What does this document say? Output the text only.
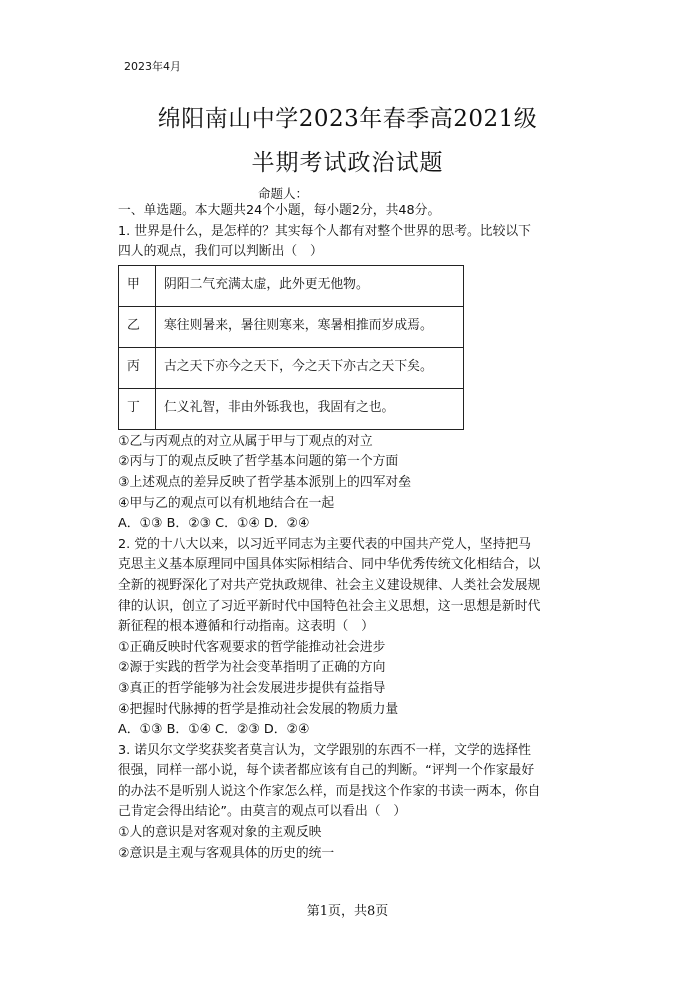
2023年4月
绵阳南山中学2023年春季高2021级
半期考试政治试题
命题人：
一、单选题。本大题共24个小题，每小题2分，共48分。
1. 世界是什么，是怎样的？其实每个人都有对整个世界的思考。比较以下
四人的观点，我们可以判断出（　）
甲	阴阳二气充满太虚，此外更无他物。
乙	寒往则暑来，暑往则寒来，寒暑相推而岁成焉。
丙	古之天下亦今之天下，今之天下亦古之天下矣。
丁	仁义礼智，非由外铄我也，我固有之也。
①乙与丙观点的对立从属于甲与丁观点的对立
②丙与丁的观点反映了哲学基本问题的第一个方面
③上述观点的差异反映了哲学基本派别上的四军对垒
④甲与乙的观点可以有机地结合在一起
A．①③ B．②③ C．①④ D．②④
2. 党的十八大以来，以习近平同志为主要代表的中国共产党人，坚持把马
克思主义基本原理同中国具体实际相结合、同中华优秀传统文化相结合，以
全新的视野深化了对共产党执政规律、社会主义建设规律、人类社会发展规
律的认识，创立了习近平新时代中国特色社会主义思想，这一思想是新时代
新征程的根本遵循和行动指南。这表明（　）
①正确反映时代客观要求的哲学能推动社会进步
②源于实践的哲学为社会变革指明了正确的方向
③真正的哲学能够为社会发展进步提供有益指导
④把握时代脉搏的哲学是推动社会发展的物质力量
A．①③ B．①④ C．②③ D．②④
3. 诺贝尔文学奖获奖者莫言认为，文学跟别的东西不一样，文学的选择性
很强，同样一部小说，每个读者都应该有自己的判断。“评判一个作家最好
的办法不是听别人说这个作家怎么样，而是找这个作家的书读一两本，你自
己肯定会得出结论”。由莫言的观点可以看出（　）
①人的意识是对客观对象的主观反映
②意识是主观与客观具体的历史的统一
第1页，共8页
